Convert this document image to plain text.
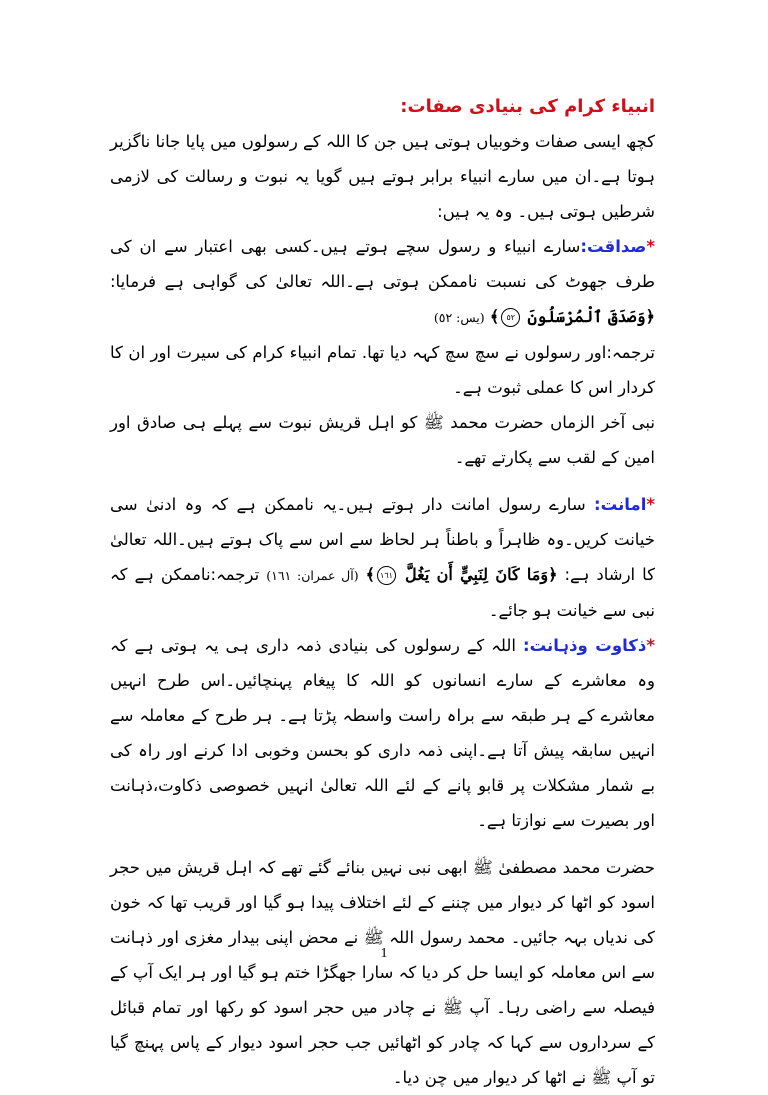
انبیاء کرام کی بنیادی صفات:

کچھ ایسی صفات وخوبیاں ہوتی ہیں جن کا اللہ کے رسولوں میں پایا جانا ناگزیر ہوتا ہے۔ان میں سارے انبیاء برابر ہوتے ہیں گویا یہ نبوت و رسالت کی لازمی شرطیں ہوتی ہیں۔ وہ یہ ہیں:

*صداقت:سارے انبیاء و رسول سچے ہوتے ہیں۔کسی بھی اعتبار سے ان کی طرف جھوٹ کی نسبت ناممکن ہوتی ہے۔اللہ تعالیٰ کی گواہی ہے فرمایا: ﴿وَصَدَقَ ٱلْمُرْسَلُونَ ٥٢﴾ (یس: ٥٢)

ترجمہ:اور رسولوں نے سچ سچ کہہ دیا تھا. تمام انبیاء کرام کی سیرت اور ان کا کردار اس کا عملی ثبوت ہے۔

نبی آخر الزماں حضرت محمد ﷺ کو اہل قریش نبوت سے پہلے ہی صادق اور امین کے لقب سے پکارتے تھے۔

*امانت: سارے رسول امانت دار ہوتے ہیں۔یہ ناممکن ہے کہ وہ ادنیٰ سی خیانت کریں۔وہ ظاہراً و باطناً ہر لحاظ سے اس سے پاک ہوتے ہیں۔اللہ تعالیٰ کا ارشاد ہے: ﴿وَمَا كَانَ لِنَبِيٍّ أَن يَغُلَّ ١٦١﴾ (آل عمران: ١٦١) ترجمہ:ناممکن ہے کہ نبی سے خیانت ہو جائے۔

*ذکاوت وذہانت: اللہ کے رسولوں کی بنیادی ذمہ داری ہی یہ ہوتی ہے کہ وہ معاشرے کے سارے انسانوں کو اللہ کا پیغام پہنچائیں۔اس طرح انہیں معاشرے کے ہر طبقہ سے براہ راست واسطہ پڑتا ہے۔ ہر طرح کے معاملہ سے انہیں سابقہ پیش آتا ہے۔اپنی ذمہ داری کو بحسن وخوبی ادا کرنے اور راہ کی بے شمار مشکلات پر قابو پانے کے لئے اللہ تعالیٰ انہیں خصوصی ذکاوت،ذہانت اور بصیرت سے نوازتا ہے۔

حضرت محمد مصطفیٰ ﷺ ابھی نبی نہیں بنائے گئے تھے کہ اہل قریش میں حجر اسود کو اٹھا کر دیوار میں چننے کے لئے اختلاف پیدا ہو گیا اور قریب تھا کہ خون کی ندیاں بہہ جائیں۔ محمد رسول اللہ ﷺ نے محض اپنی بیدار مغزی اور ذہانت سے اس معاملہ کو ایسا حل کر دیا کہ سارا جھگڑا ختم ہو گیا اور ہر ایک آپ کے فیصلہ سے راضی رہا۔ آپ ﷺ نے چادر میں حجر اسود کو رکھا اور تمام قبائل کے سرداروں سے کہا کہ چادر کو اٹھائیں جب حجر اسود دیوار کے پاس پہنچ گیا تو آپ ﷺ نے اٹھا کر دیوار میں چن دیا۔

1
